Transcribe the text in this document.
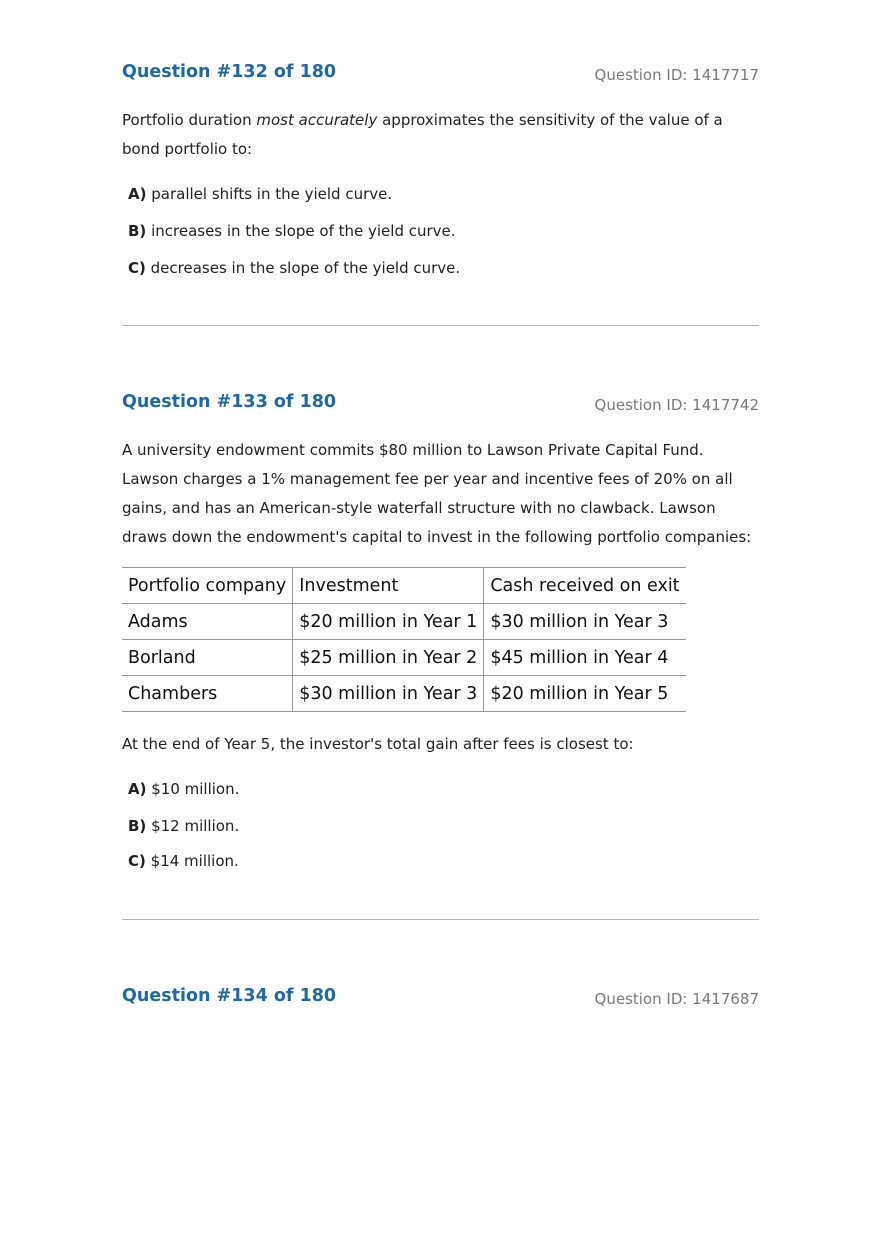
Question #132 of 180	Question ID: 1417717
Portfolio duration most accurately approximates the sensitivity of the value of a bond portfolio to:
A) parallel shifts in the yield curve.
B) increases in the slope of the yield curve.
C) decreases in the slope of the yield curve.
Question #133 of 180	Question ID: 1417742
A university endowment commits $80 million to Lawson Private Capital Fund. Lawson charges a 1% management fee per year and incentive fees of 20% on all gains, and has an American-style waterfall structure with no clawback. Lawson draws down the endowment's capital to invest in the following portfolio companies:
Portfolio company	Investment	Cash received on exit
Adams	$20 million in Year 1	$30 million in Year 3
Borland	$25 million in Year 2	$45 million in Year 4
Chambers	$30 million in Year 3	$20 million in Year 5
At the end of Year 5, the investor's total gain after fees is closest to:
A) $10 million.
B) $12 million.
C) $14 million.
Question #134 of 180	Question ID: 1417687
